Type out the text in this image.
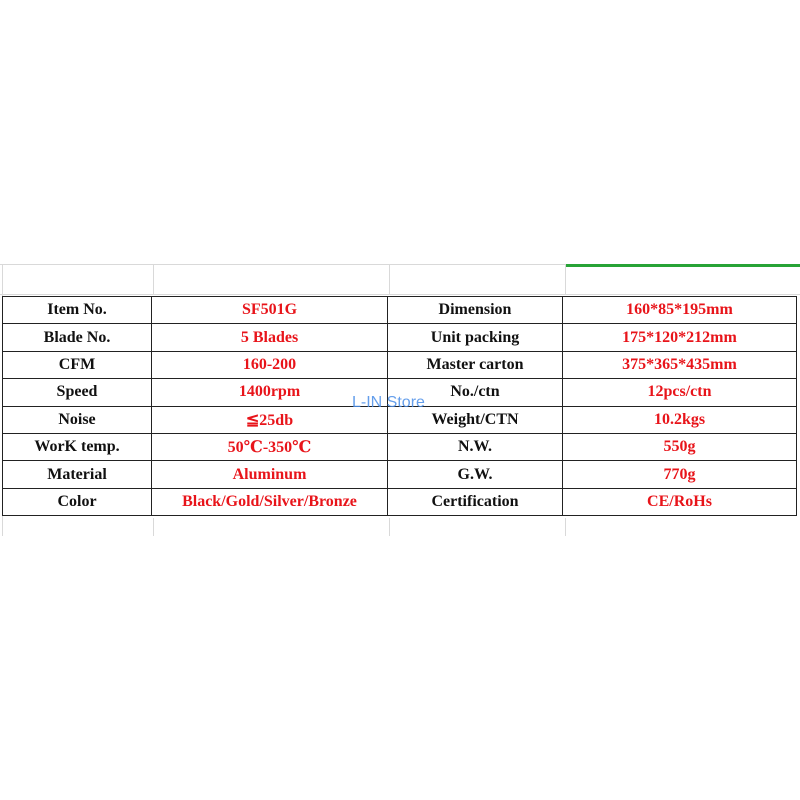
Item No.	SF501G	Dimension	160*85*195mm
Blade No.	5 Blades	Unit packing	175*120*212mm
CFM	160-200	Master carton	375*365*435mm
Speed	1400rpm	No./ctn	12pcs/ctn
Noise	≦25db	Weight/CTN	10.2kgs
WorK temp.	50℃-350℃	N.W.	550g
Material	Aluminum	G.W.	770g
Color	Black/Gold/Silver/Bronze	Certification	CE/RoHs
L-IN Store
